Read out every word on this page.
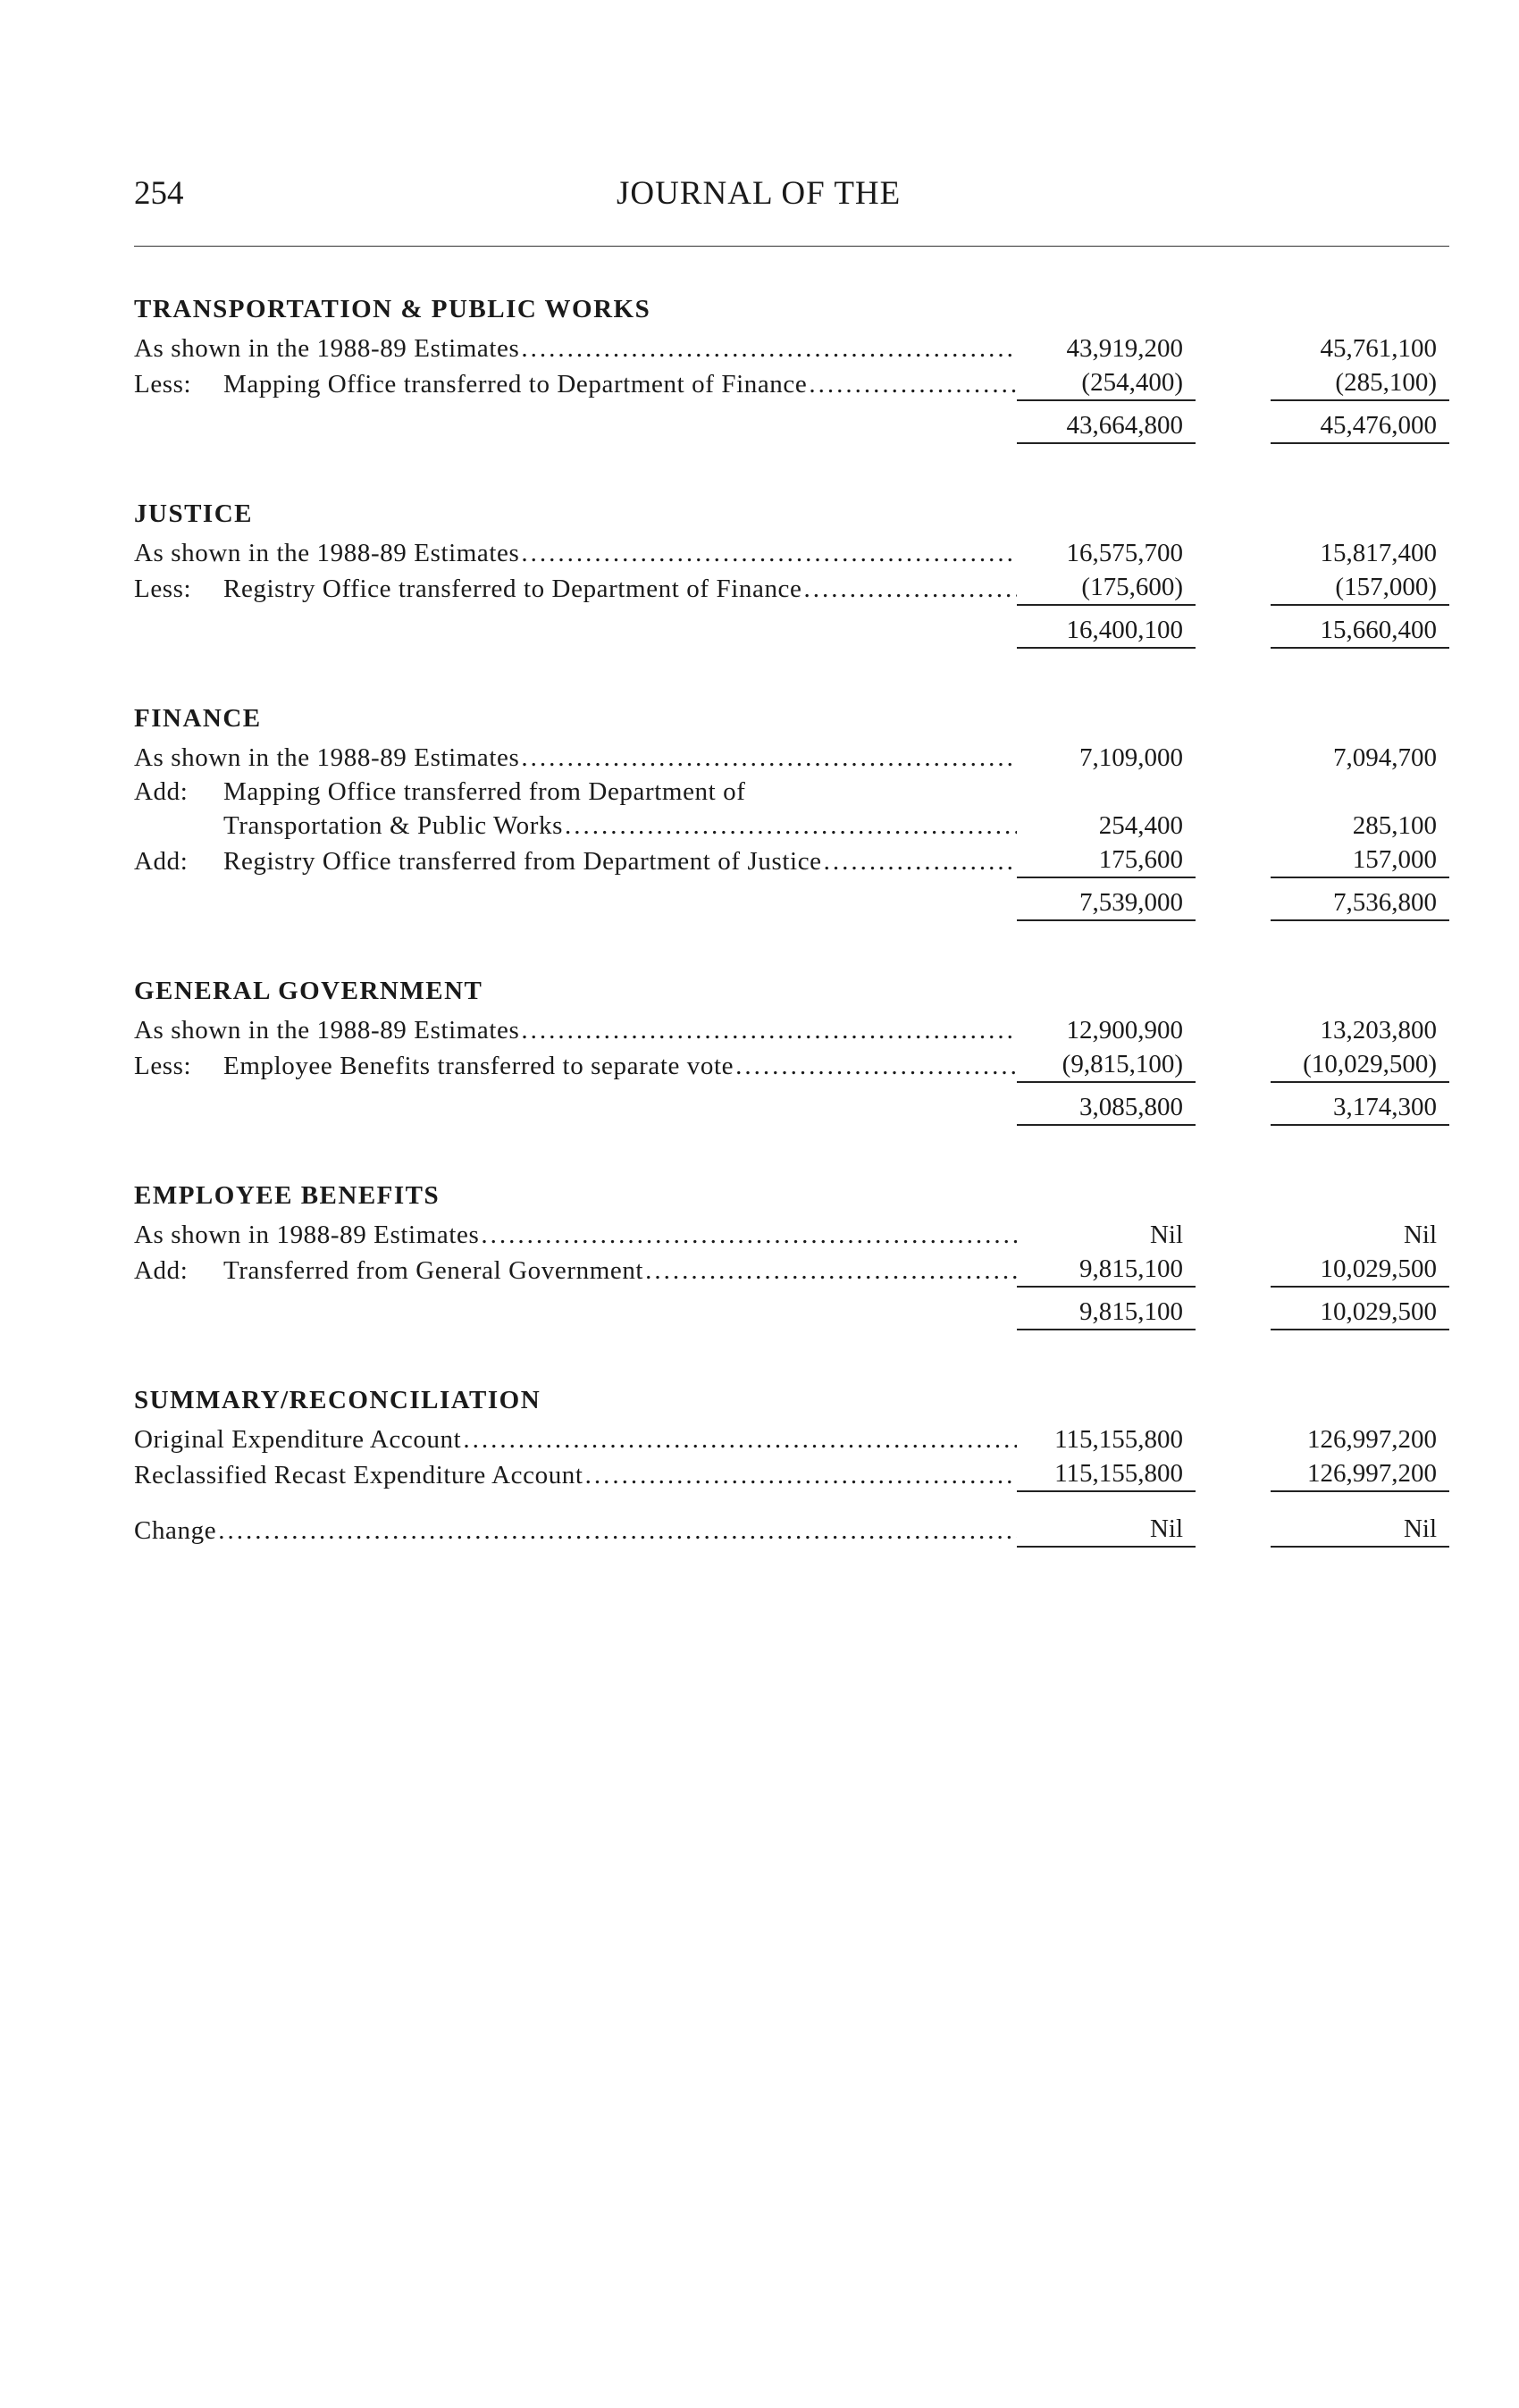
254	JOURNAL OF THE
TRANSPORTATION & PUBLIC WORKS
As shown in the 1988-89 Estimates .....	43,919,200	45,761,100
Less:	Mapping Office transferred to Department of Finance .....	(254,400)	(285,100)
43,664,800	45,476,000
JUSTICE
As shown in the 1988-89 Estimates .....	16,575,700	15,817,400
Less:	Registry Office transferred to Department of Finance .....	(175,600)	(157,000)
16,400,100	15,660,400
FINANCE
As shown in the 1988-89 Estimates .....	7,109,000	7,094,700
Add:	Mapping Office transferred from Department of
Transportation & Public Works .....	254,400	285,100
Add:	Registry Office transferred from Department of Justice .....	175,600	157,000
7,539,000	7,536,800
GENERAL GOVERNMENT
As shown in the 1988-89 Estimates .....	12,900,900	13,203,800
Less:	Employee Benefits transferred to separate vote .....	(9,815,100)	(10,029,500)
3,085,800	3,174,300
EMPLOYEE BENEFITS
As shown in 1988-89 Estimates .....	Nil	Nil
Add:	Transferred from General Government .....	9,815,100	10,029,500
9,815,100	10,029,500
SUMMARY/RECONCILIATION
Original Expenditure Account .....	115,155,800	126,997,200
Reclassified Recast Expenditure Account .....	115,155,800	126,997,200
Change .....	Nil	Nil
